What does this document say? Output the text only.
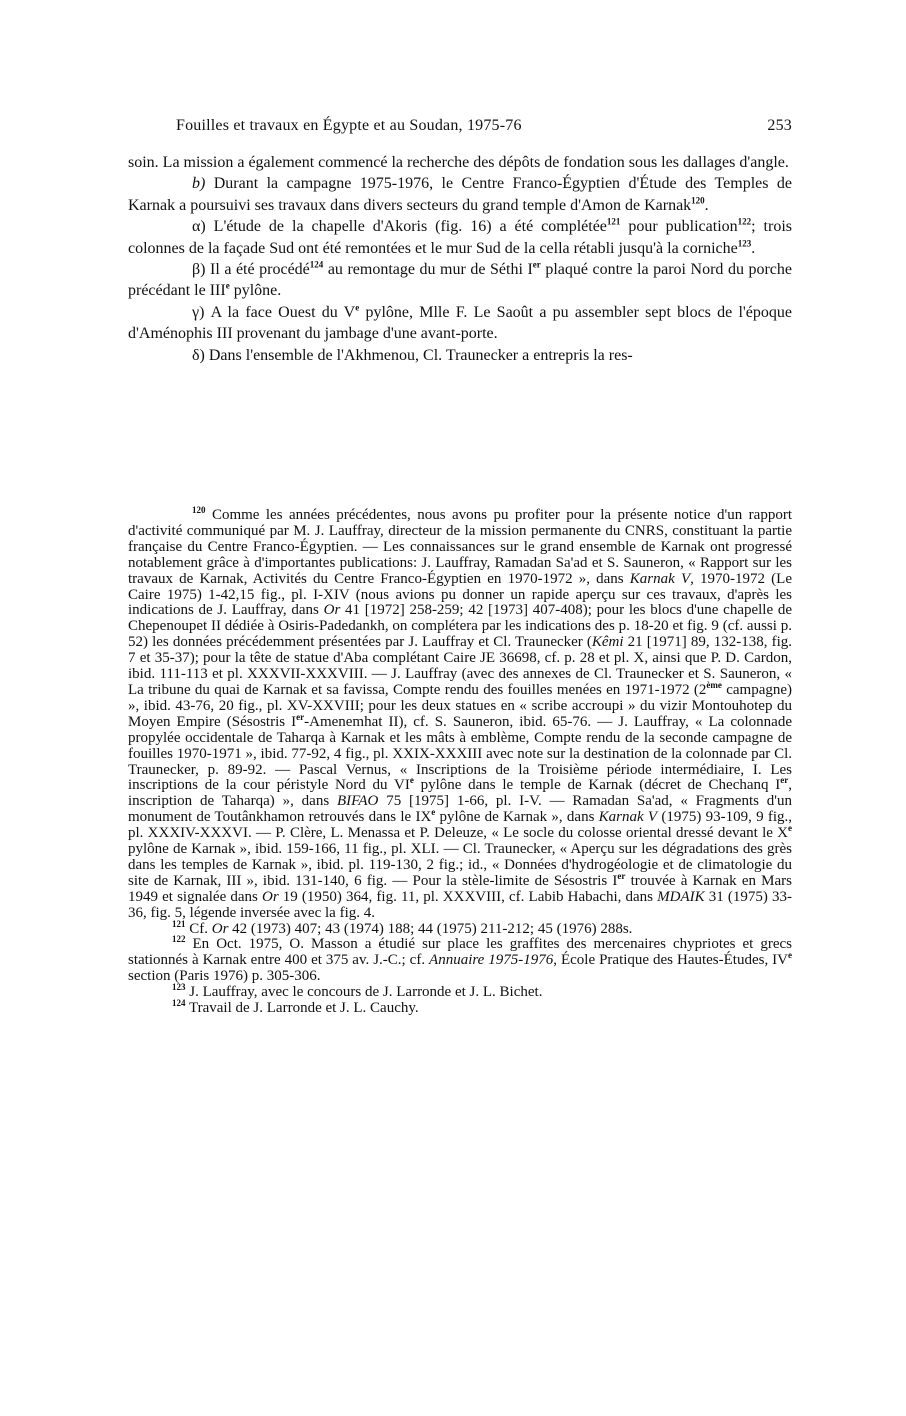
Fouilles et travaux en Égypte et au Soudan, 1975-76	253

soin. La mission a également commencé la recherche des dépôts de fondation sous les dallages d'angle.

b) Durant la campagne 1975-1976, le Centre Franco-Égyptien d'Étude des Temples de Karnak a poursuivi ses travaux dans divers secteurs du grand temple d'Amon de Karnak$^{120}$.

α) L'étude de la chapelle d'Akoris (fig. 16) a été complétée$^{121}$ pour publication$^{122}$; trois colonnes de la façade Sud ont été remontées et le mur Sud de la cella rétabli jusqu'à la corniche$^{123}$.

β) Il a été procédé$^{124}$ au remontage du mur de Séthi Ier plaqué contre la paroi Nord du porche précédant le IIIe pylône.

γ) A la face Ouest du Ve pylône, Mlle F. Le Saoût a pu assembler sept blocs de l'époque d'Aménophis III provenant du jambage d'une avant-porte.

δ) Dans l'ensemble de l'Akhmenou, Cl. Traunecker a entrepris la res-

$^{120}$ Comme les années précédentes, nous avons pu profiter pour la présente notice d'un rapport d'activité communiqué par M. J. Lauffray, directeur de la mission permanente du CNRS, constituant la partie française du Centre Franco-Égyptien. — Les connaissances sur le grand ensemble de Karnak ont progressé notablement grâce à d'importantes publications: J. Lauffray, Ramadan Sa'ad et S. Sauneron, « Rapport sur les travaux de Karnak, Activités du Centre Franco-Égyptien en 1970-1972 », dans Karnak V, 1970-1972 (Le Caire 1975) 1-42,15 fig., pl. I-XIV (nous avions pu donner un rapide aperçu sur ces travaux, d'après les indications de J. Lauffray, dans Or 41 [1972] 258-259; 42 [1973] 407-408); pour les blocs d'une chapelle de Chepenoupet II dédiée à Osiris-Padedankh, on complétera par les indications des p. 18-20 et fig. 9 (cf. aussi p. 52) les données précédemment présentées par J. Lauffray et Cl. Traunecker (Kêmi 21 [1971] 89, 132-138, fig. 7 et 35-37); pour la tête de statue d'Aba complétant Caire JE 36698, cf. p. 28 et pl. X, ainsi que P. D. Cardon, ibid. 111-113 et pl. XXXVII-XXXVIII. — J. Lauffray (avec des annexes de Cl. Traunecker et S. Sauneron, « La tribune du quai de Karnak et sa favissa, Compte rendu des fouilles menées en 1971-1972 (2ème campagne) », ibid. 43-76, 20 fig., pl. XV-XXVIII; pour les deux statues en « scribe accroupi » du vizir Montouhotep du Moyen Empire (Sésostris Ier-Amenemhat II), cf. S. Sauneron, ibid. 65-76. — J. Lauffray, « La colonnade propylée occidentale de Taharqa à Karnak et les mâts à emblème, Compte rendu de la seconde campagne de fouilles 1970-1971 », ibid. 77-92, 4 fig., pl. XXIX-XXXIII avec note sur la destination de la colonnade par Cl. Traunecker, p. 89-92. — Pascal Vernus, « Inscriptions de la Troisième période intermédiaire, I. Les inscriptions de la cour péristyle Nord du VIe pylône dans le temple de Karnak (décret de Chechanq Ier, inscription de Taharqa) », dans BIFAO 75 [1975] 1-66, pl. I-V. — Ramadan Sa'ad, « Fragments d'un monument de Toutânkhamon retrouvés dans le IXe pylône de Karnak », dans Karnak V (1975) 93-109, 9 fig., pl. XXXIV-XXXVI. — P. Clère, L. Menassa et P. Deleuze, « Le socle du colosse oriental dressé devant le Xe pylône de Karnak », ibid. 159-166, 11 fig., pl. XLI. — Cl. Traunecker, « Aperçu sur les dégradations des grès dans les temples de Karnak », ibid. pl. 119-130, 2 fig.; id., « Données d'hydrogéologie et de climatologie du site de Karnak, III », ibid. 131-140, 6 fig. — Pour la stèle-limite de Sésostris Ier trouvée à Karnak en Mars 1949 et signalée dans Or 19 (1950) 364, fig. 11, pl. XXXVIII, cf. Labib Habachi, dans MDAIK 31 (1975) 33-36, fig. 5, légende inversée avec la fig. 4.

$^{121}$ Cf. Or 42 (1973) 407; 43 (1974) 188; 44 (1975) 211-212; 45 (1976) 288s.

$^{122}$ En Oct. 1975, O. Masson a étudié sur place les graffites des mercenaires chypriotes et grecs stationnés à Karnak entre 400 et 375 av. J.-C.; cf. Annuaire 1975-1976, École Pratique des Hautes-Études, IVe section (Paris 1976) p. 305-306.

$^{123}$ J. Lauffray, avec le concours de J. Larronde et J. L. Bichet.

$^{124}$ Travail de J. Larronde et J. L. Cauchy.
